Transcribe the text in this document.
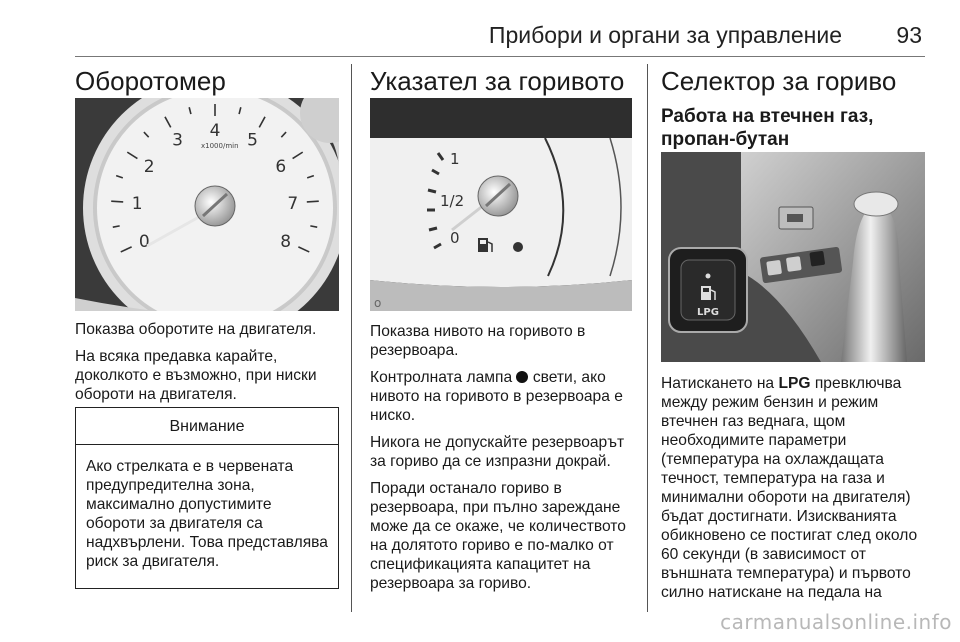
Прибори и органи за управление 93
Оборотомер
0
1
2
3 4 5
6
7
8
x1000/min

Показва оборотите на двигателя.

На всяка предавка карайте, доколкото е възможно, при ниски обороти на двигателя.

Внимание

Ако стрелката е в червената предупредителна зона, максимално допустимите обороти за двигателя са надхвърлени. Това представлява риск за двигателя.

Указател за горивото
1
1/2
0
o

Показва нивото на горивото в резервоара.

Контролната лампа свети, ако нивото на горивото в резервоара е ниско.

Никога не допускайте резервоарът за гориво да се изпразни докрай.

Поради останало гориво в резервоара, при пълно зареждане може да се окаже, че количеството на долятото гориво е по-малко от спецификацията капацитет на резервоара за гориво.

Селектор за гориво
Работа на втечнен газ, пропан-бутан
LPG

Натискането на LPG превключва между режим бензин и режим втечнен газ веднага, щом необходимите параметри (температура на охлаждащата течност, температура на газа и минимални обороти на двигателя) бъдат достигнати. Изискванията обикновено се постигат след около 60 секунди (в зависимост от външната температура) и първото силно натискане на педала на

carmanualsonline.info
